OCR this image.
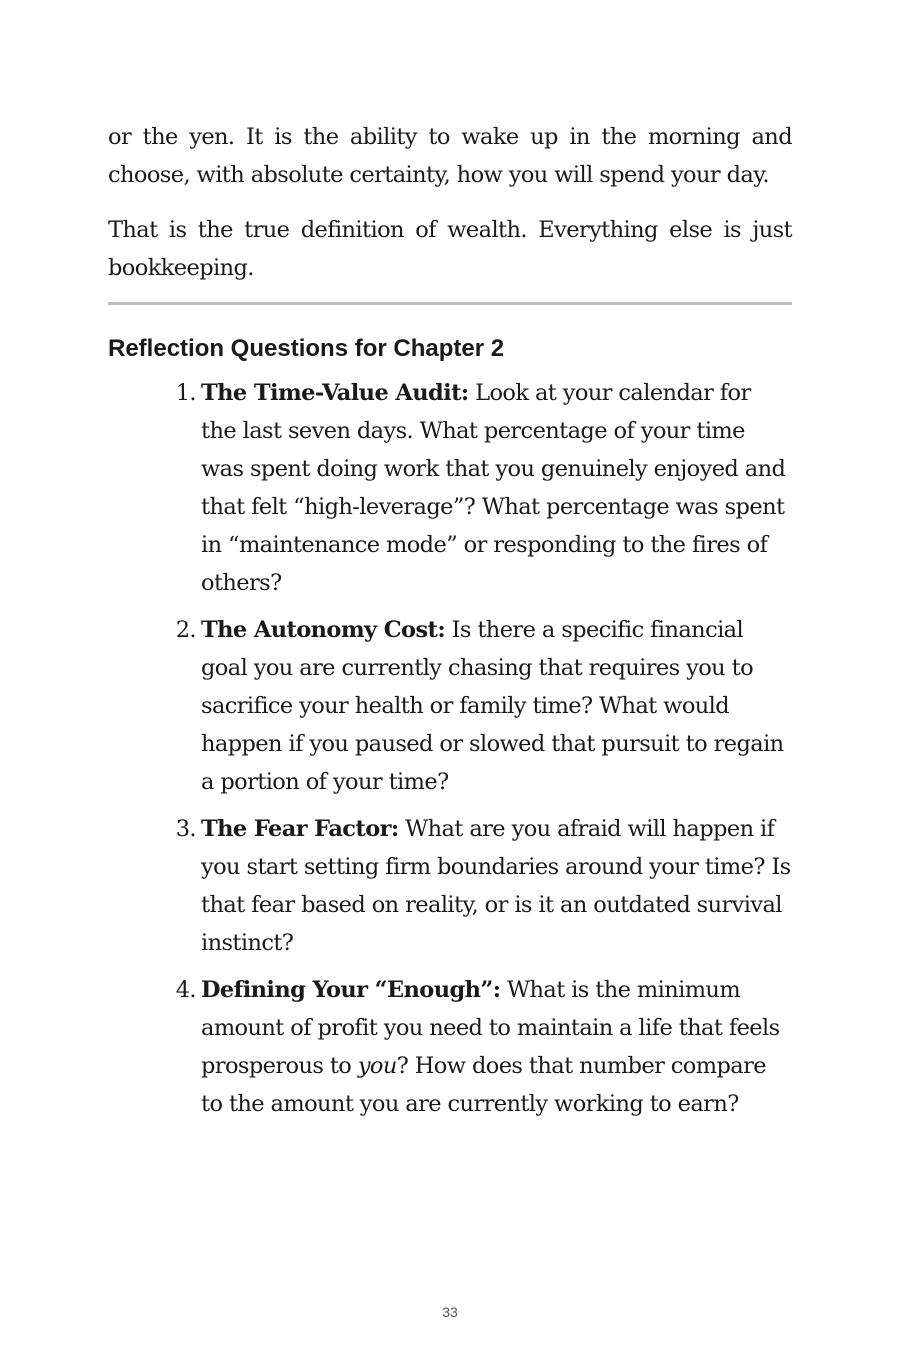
or the yen. It is the ability to wake up in the morning and choose, with absolute certainty, how you will spend your day.

That is the true definition of wealth. Everything else is just bookkeeping.

Reflection Questions for Chapter 2
1. The Time-Value Audit: Look at your calendar for the last seven days. What percentage of your time was spent doing work that you genuinely enjoyed and that felt “high-leverage”? What percentage was spent in “maintenance mode” or responding to the fires of others?
2. The Autonomy Cost: Is there a specific financial goal you are currently chasing that requires you to sacrifice your health or family time? What would happen if you paused or slowed that pursuit to regain a portion of your time?
3. The Fear Factor: What are you afraid will happen if you start setting firm boundaries around your time? Is that fear based on reality, or is it an outdated survival instinct?
4. Defining Your “Enough”: What is the minimum amount of profit you need to maintain a life that feels prosperous to you? How does that number compare to the amount you are currently working to earn?
33
